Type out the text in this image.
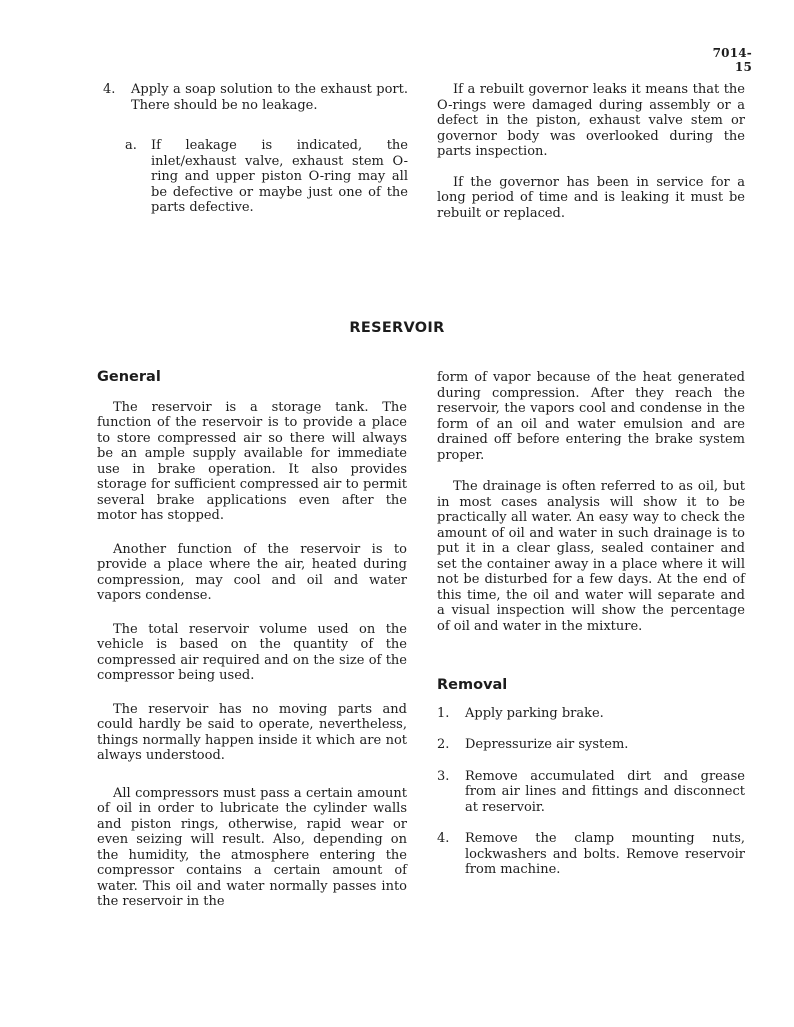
7014-15
4.	Apply a soap solution to the exhaust port. There should be no leakage.
a.	If leakage is indicated, the inlet/exhaust valve, exhaust stem O-ring and upper piston O-ring may all be defective or maybe just one of the parts defective.

If a rebuilt governor leaks it means that the O-rings were damaged during assembly or a defect in the piston, exhaust valve stem or governor body was overlooked during the parts inspection.

If the governor has been in service for a long period of time and is leaking it must be rebuilt or replaced.

RESERVOIR
General

The reservoir is a storage tank. The function of the reservoir is to provide a place to store compressed air so there will always be an ample supply available for immediate use in brake operation. It also provides storage for sufficient compressed air to permit several brake applications even after the motor has stopped.

Another function of the reservoir is to provide a place where the air, heated during compression, may cool and oil and water vapors condense.

The total reservoir volume used on the vehicle is based on the quantity of the compressed air required and on the size of the compressor being used.

The reservoir has no moving parts and could hardly be said to operate, nevertheless, things normally happen inside it which are not always understood.

All compressors must pass a certain amount of oil in order to lubricate the cylinder walls and piston rings, otherwise, rapid wear or even seizing will result. Also, depending on the humidity, the atmosphere entering the compressor contains a certain amount of water. This oil and water normally passes into the reservoir in the

form of vapor because of the heat generated during compression. After they reach the reservoir, the vapors cool and condense in the form of an oil and water emulsion and are drained off before entering the brake system proper.

The drainage is often referred to as oil, but in most cases analysis will show it to be practically all water. An easy way to check the amount of oil and water in such drainage is to put it in a clear glass, sealed container and set the container away in a place where it will not be disturbed for a few days. At the end of this time, the oil and water will separate and a visual inspection will show the percentage of oil and water in the mixture.

Removal
1.	Apply parking brake.
2.	Depressurize air system.
3.	Remove accumulated dirt and grease from air lines and fittings and disconnect at reservoir.
4.	Remove the clamp mounting nuts, lockwashers and bolts. Remove reservoir from machine.
